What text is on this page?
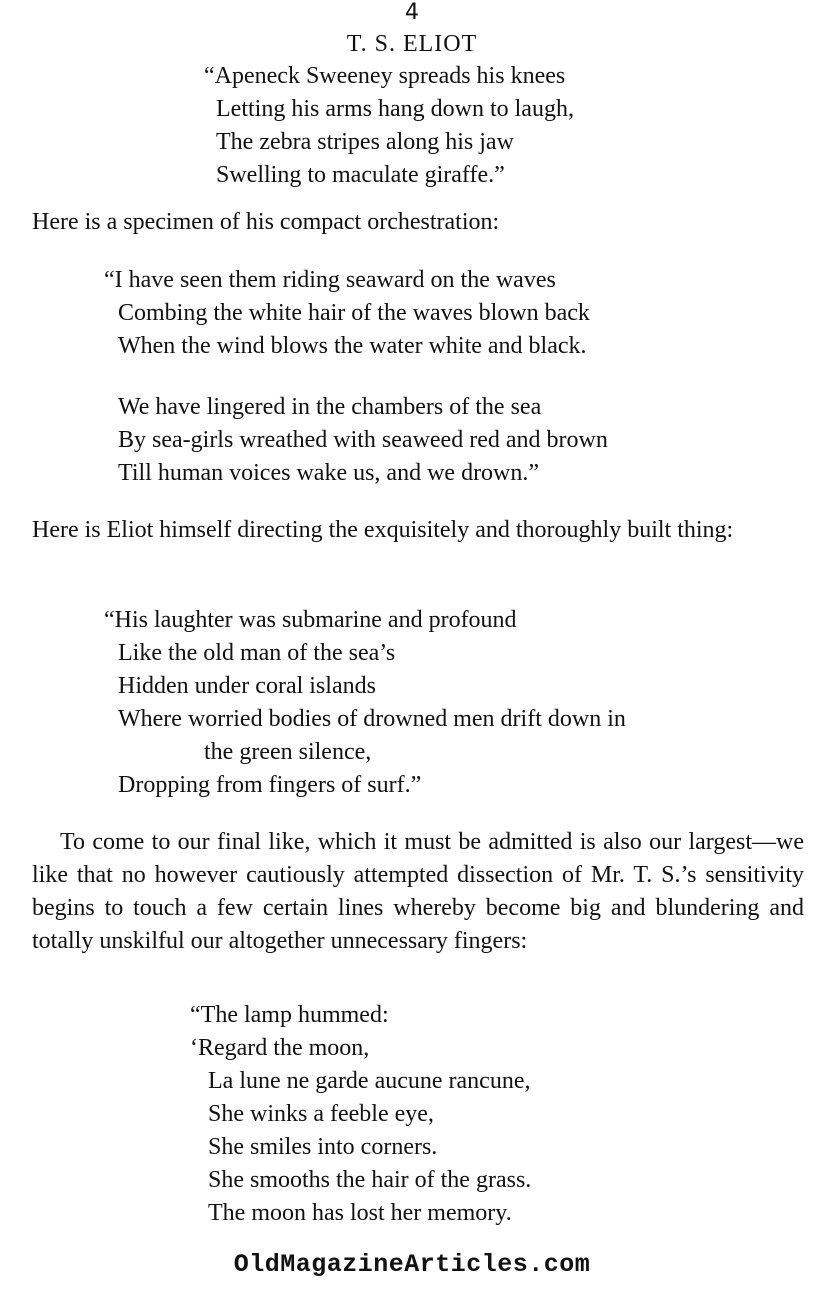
4
T. S. ELIOT
“Apeneck Sweeney spreads his knees
Letting his arms hang down to laugh,
The zebra stripes along his jaw
Swelling to maculate giraffe.”

Here is a specimen of his compact orchestration:

“I have seen them riding seaward on the waves
Combing the white hair of the waves blown back
When the wind blows the water white and black.
We have lingered in the chambers of the sea
By sea-girls wreathed with seaweed red and brown
Till human voices wake us, and we drown.”

Here is Eliot himself directing the exquisitely and thoroughly built thing:

“His laughter was submarine and profound
Like the old man of the sea’s
Hidden under coral islands
Where worried bodies of drowned men drift down in
the green silence,
Dropping from fingers of surf.”

To come to our final like, which it must be admitted is also our largest—we like that no however cautiously attempted dissection of Mr. T. S.’s sensitivity begins to touch a few certain lines whereby become big and blundering and totally unskilful our altogether unnecessary fingers:

“The lamp hummed:
‘Regard the moon,
La lune ne garde aucune rancune,
She winks a feeble eye,
She smiles into corners.
She smooths the hair of the grass.
The moon has lost her memory.
OldMagazineArticles.com
